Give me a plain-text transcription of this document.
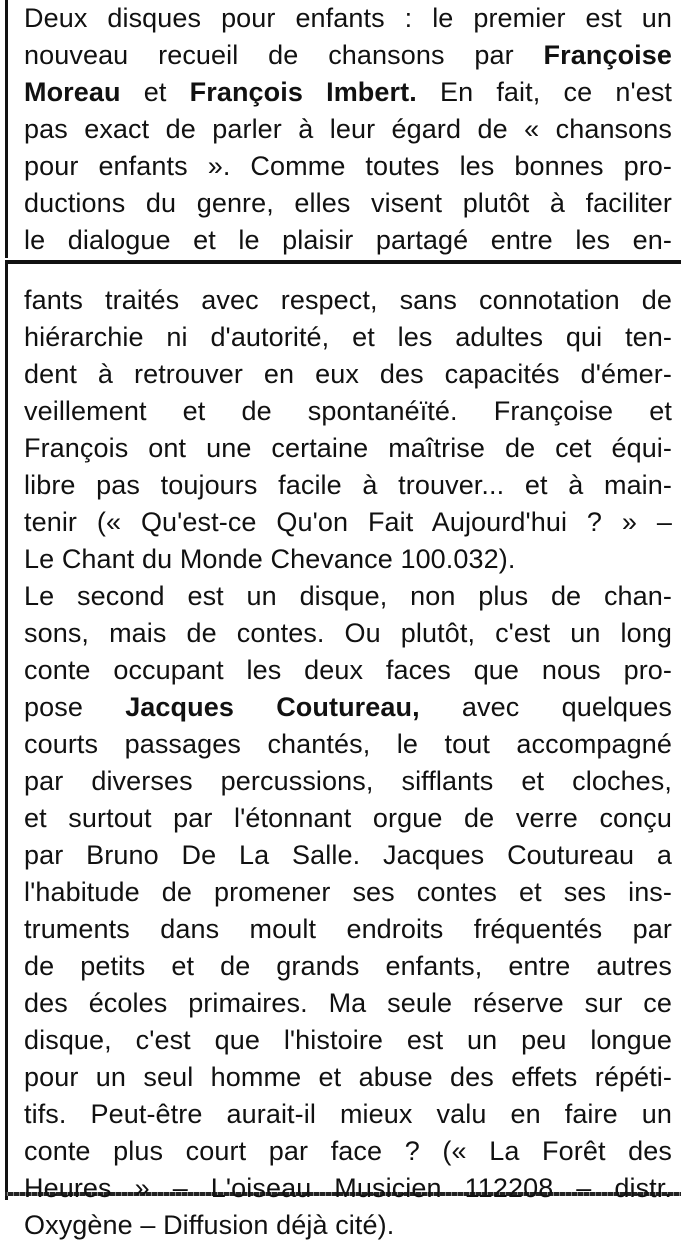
Deux disques pour enfants : le premier est un
nouveau recueil de chansons par Françoise
Moreau et François Imbert. En fait, ce n'est
pas exact de parler à leur égard de « chansons
pour enfants ». Comme toutes les bonnes pro-
ductions du genre, elles visent plutôt à faciliter
le dialogue et le plaisir partagé entre les en-
fants traités avec respect, sans connotation de
hiérarchie ni d'autorité, et les adultes qui ten-
dent à retrouver en eux des capacités d'émer-
veillement et de spontanéïté. Françoise et
François ont une certaine maîtrise de cet équi-
libre pas toujours facile à trouver... et à main-
tenir (« Qu'est-ce Qu'on Fait Aujourd'hui ? » –
Le Chant du Monde Chevance 100.032).
Le second est un disque, non plus de chan-
sons, mais de contes. Ou plutôt, c'est un long
conte occupant les deux faces que nous pro-
pose Jacques Coutureau, avec quelques
courts passages chantés, le tout accompagné
par diverses percussions, sifflants et cloches,
et surtout par l'étonnant orgue de verre conçu
par Bruno De La Salle. Jacques Coutureau a
l'habitude de promener ses contes et ses ins-
truments dans moult endroits fréquentés par
de petits et de grands enfants, entre autres
des écoles primaires. Ma seule réserve sur ce
disque, c'est que l'histoire est un peu longue
pour un seul homme et abuse des effets répéti-
tifs. Peut-être aurait-il mieux valu en faire un
conte plus court par face ? (« La Forêt des
Heures » – L'oiseau Musicien 112208 – distr.
Oxygène – Diffusion déjà cité).
